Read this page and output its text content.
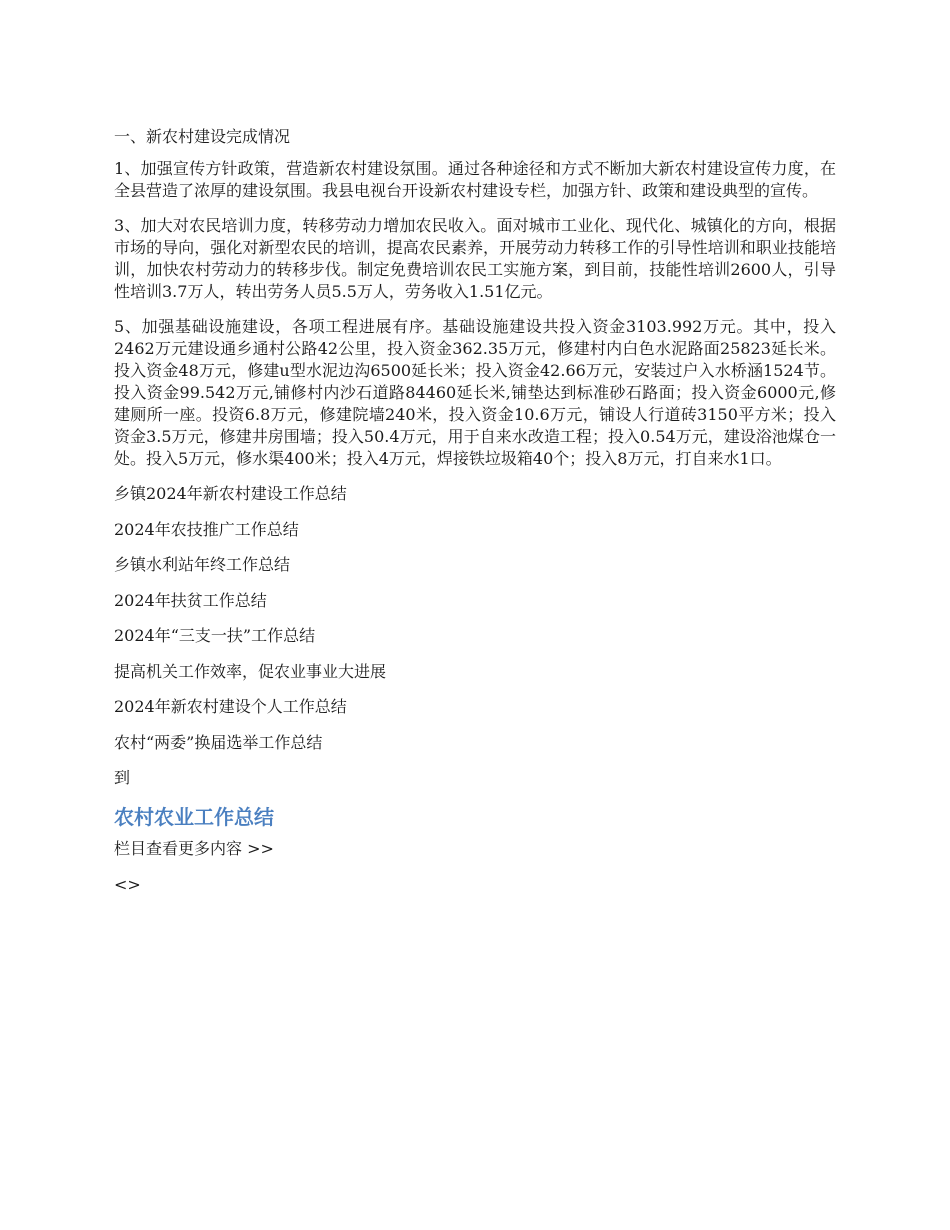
一、新农村建设完成情况
1、加强宣传方针政策，营造新农村建设氛围。通过各种途径和方式不断加大新农村建设宣传力度，在全县营造了浓厚的建设氛围。我县电视台开设新农村建设专栏，加强方针、政策和建设典型的宣传。
3、加大对农民培训力度，转移劳动力增加农民收入。面对城市工业化、现代化、城镇化的方向，根据市场的导向，强化对新型农民的培训，提高农民素养，开展劳动力转移工作的引导性培训和职业技能培训，加快农村劳动力的转移步伐。制定免费培训农民工实施方案，到目前，技能性培训2600人，引导性培训3.7万人，转出劳务人员5.5万人，劳务收入1.51亿元。
5、加强基础设施建设，各项工程进展有序。基础设施建设共投入资金3103.992万元。其中，投入2462万元建设通乡通村公路42公里，投入资金362.35万元，修建村内白色水泥路面25823延长米。投入资金48万元，修建u型水泥边沟6500延长米；投入资金42.66万元，安装过户入水桥涵1524节。投入资金99.542万元,铺修村内沙石道路84460延长米,铺垫达到标准砂石路面；投入资金6000元,修建厕所一座。投资6.8万元，修建院墙240米，投入资金10.6万元，铺设人行道砖3150平方米；投入资金3.5万元，修建井房围墙；投入50.4万元，用于自来水改造工程；投入0.54万元，建设浴池煤仓一处。投入5万元，修水渠400米；投入4万元，焊接铁垃圾箱40个；投入8万元，打自来水1口。
乡镇2024年新农村建设工作总结
2024年农技推广工作总结
乡镇水利站年终工作总结
2024年扶贫工作总结
2024年“三支一扶”工作总结
提高机关工作效率，促农业事业大进展
2024年新农村建设个人工作总结
农村“两委”换届选举工作总结
到
农村农业工作总结
栏目查看更多内容 >>
<>
